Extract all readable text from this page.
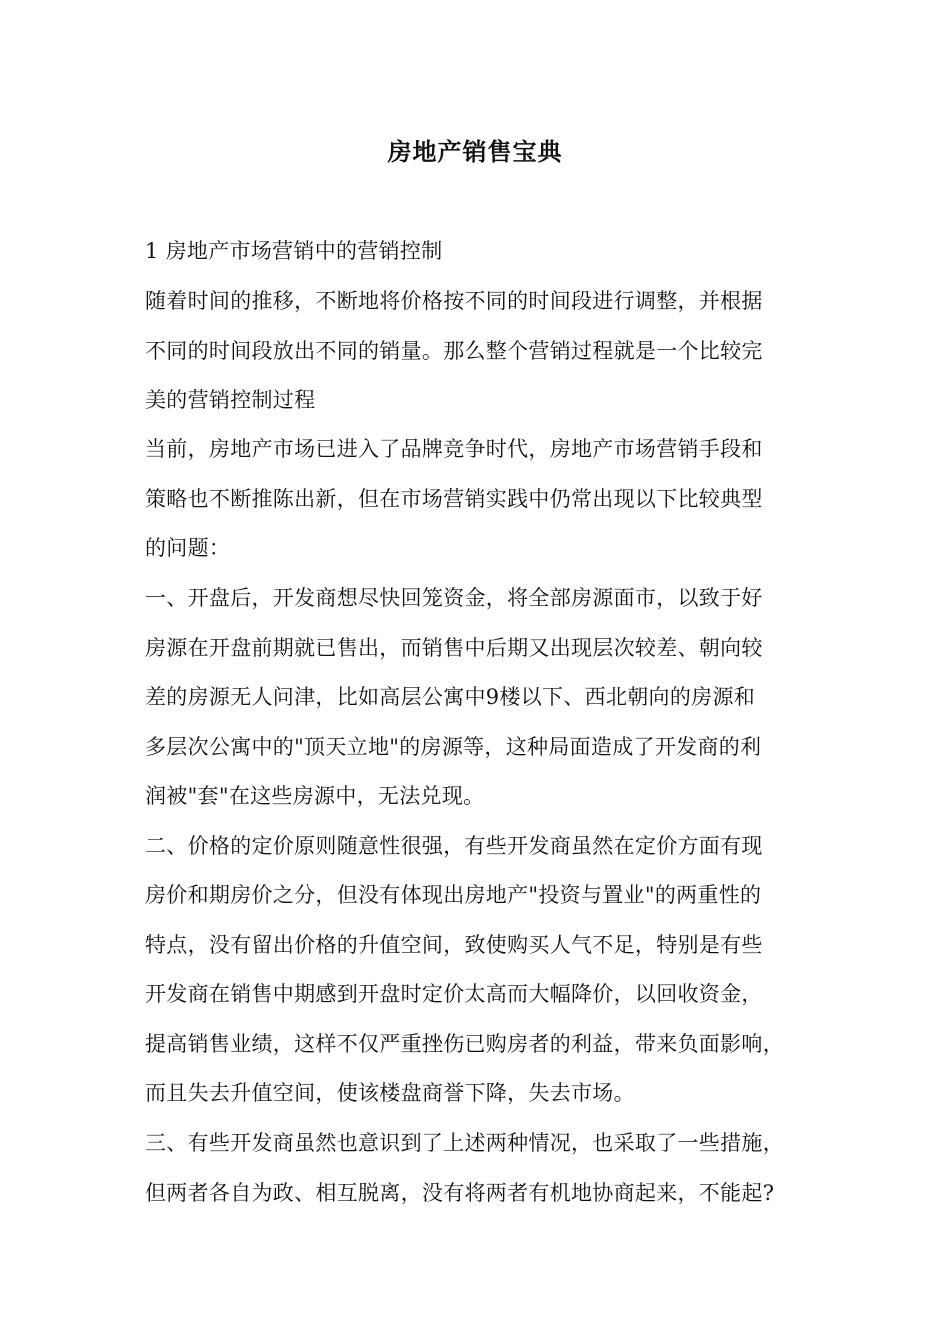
房地产销售宝典
1 房地产市场营销中的营销控制
随着时间的推移，不断地将价格按不同的时间段进行调整，并根据
不同的时间段放出不同的销量。那么整个营销过程就是一个比较完
美的营销控制过程
当前，房地产市场已进入了品牌竞争时代，房地产市场营销手段和
策略也不断推陈出新，但在市场营销实践中仍常出现以下比较典型
的问题：
一、开盘后，开发商想尽快回笼资金，将全部房源面市，以致于好
房源在开盘前期就已售出，而销售中后期又出现层次较差、朝向较
差的房源无人问津，比如高层公寓中9楼以下、西北朝向的房源和
多层次公寓中的"顶天立地"的房源等，这种局面造成了开发商的利
润被"套"在这些房源中，无法兑现。
二、价格的定价原则随意性很强，有些开发商虽然在定价方面有现
房价和期房价之分，但没有体现出房地产"投资与置业"的两重性的
特点，没有留出价格的升值空间，致使购买人气不足，特别是有些
开发商在销售中期感到开盘时定价太高而大幅降价，以回收资金，
提高销售业绩，这样不仅严重挫伤已购房者的利益，带来负面影响，
而且失去升值空间，使该楼盘商誉下降，失去市场。
三、有些开发商虽然也意识到了上述两种情况，也采取了一些措施，
但两者各自为政、相互脱离，没有将两者有机地协商起来，不能起?
